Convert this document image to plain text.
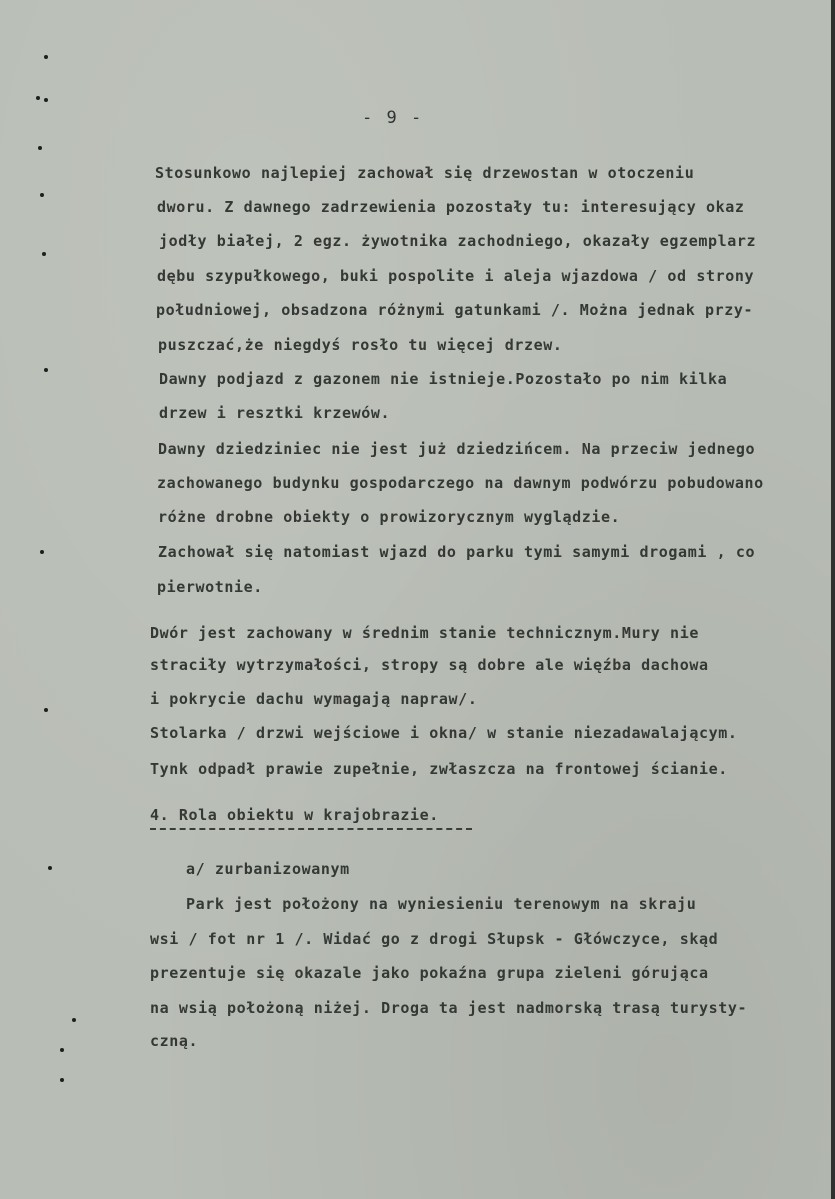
- 9 -
Stosunkowo najlepiej zachował się drzewostan w otoczeniu
dworu. Z dawnego zadrzewienia pozostały tu: interesujący okaz
jodły białej, 2 egz. żywotnika zachodniego, okazały egzemplarz
dębu szypułkowego, buki pospolite i aleja wjazdowa / od strony
południowej, obsadzona różnymi gatunkami /. Można jednak przy-
puszczać,że niegdyś rosło tu więcej drzew.
Dawny podjazd z gazonem nie istnieje.Pozostało po nim kilka
drzew i resztki krzewów.
Dawny dziedziniec nie jest już dziedzińcem. Na przeciw jednego
zachowanego budynku gospodarczego na dawnym podwórzu pobudowano
różne drobne obiekty o prowizorycznym wyglądzie.
Zachował się natomiast wjazd do parku tymi samymi drogami , co
pierwotnie.
Dwór jest zachowany w średnim stanie technicznym.Mury nie
straciły wytrzymałości, stropy są dobre ale więźba dachowa
i pokrycie dachu wymagają napraw/.
Stolarka / drzwi wejściowe i okna/ w stanie niezadawalającym.
Tynk odpadł prawie zupełnie, zwłaszcza na frontowej ścianie.
4. Rola obiektu w krajobrazie.
a/ zurbanizowanym
Park jest położony na wyniesieniu terenowym na skraju
wsi / fot nr 1 /. Widać go z drogi Słupsk - Główczyce, skąd
prezentuje się okazale jako pokaźna grupa zieleni górująca
na wsią położoną niżej. Droga ta jest nadmorską trasą turysty-
czną.
